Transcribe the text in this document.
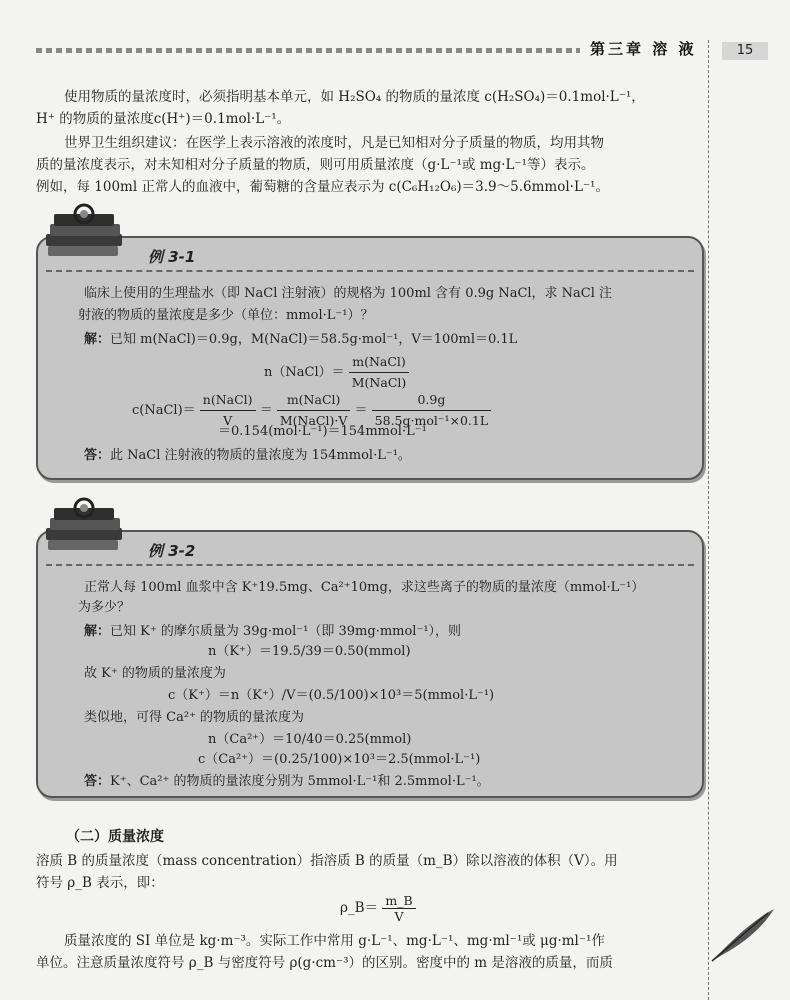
第三章 溶 液	15
使用物质的量浓度时，必须指明基本单元，如 H₂SO₄ 的物质的量浓度 c(H₂SO₄)＝0.1mol·L⁻¹，
H⁺ 的物质的量浓度c(H⁺)＝0.1mol·L⁻¹。
世界卫生组织建议：在医学上表示溶液的浓度时，凡是已知相对分子质量的物质，均用其物
质的量浓度表示，对未知相对分子质量的物质，则可用质量浓度（g·L⁻¹或 mg·L⁻¹等）表示。
例如，每 100ml 正常人的血液中，葡萄糖的含量应表示为 c(C₆H₁₂O₆)＝3.9～5.6mmol·L⁻¹。
例 3-1
临床上使用的生理盐水（即 NaCl 注射液）的规格为 100ml 含有 0.9g NaCl，求 NaCl 注
射液的物质的量浓度是多少（单位：mmol·L⁻¹）？
解：已知 m(NaCl)＝0.9g，M(NaCl)＝58.5g·mol⁻¹，V＝100ml＝0.1L
n（NaCl）＝ $\frac{\text{m(NaCl)}}{\text{M(NaCl)}}$
c(NaCl)＝ $\frac{\text{n(NaCl)}}{V} = \frac{\text{m(NaCl)}}{\text{M(NaCl)·V}} = \frac{0.9g}{\text{58.5g·mol⁻¹×0.1L}}$
＝0.154(mol·L⁻¹)＝154mmol·L⁻¹
答：此 NaCl 注射液的物质的量浓度为 154mmol·L⁻¹。
例 3-2
正常人每 100ml 血浆中含 K⁺19.5mg、Ca²⁺10mg，求这些离子的物质的量浓度（mmol·L⁻¹）
为多少？
解：已知 K⁺ 的摩尔质量为 39g·mol⁻¹（即 39mg·mmol⁻¹），则
n（K⁺）＝19.5/39＝0.50(mmol)
故 K⁺ 的物质的量浓度为
c（K⁺）＝n（K⁺）/V＝(0.5/100)×10³＝5(mmol·L⁻¹)
类似地，可得 Ca²⁺ 的物质的量浓度为
n（Ca²⁺）＝10/40＝0.25(mmol)
c（Ca²⁺）＝(0.25/100)×10³＝2.5(mmol·L⁻¹)
答：K⁺、Ca²⁺ 的物质的量浓度分别为 5mmol·L⁻¹和 2.5mmol·L⁻¹。
（二）质量浓度
溶质 B 的质量浓度（mass concentration）指溶质 B 的质量（m_B）除以溶液的体积（V）。用
符号 ρ_B 表示，即：
ρ_B＝ $\frac{m\_B}{V}$
质量浓度的 SI 单位是 kg·m⁻³。实际工作中常用 g·L⁻¹、mg·L⁻¹、mg·ml⁻¹或 μg·ml⁻¹作
单位。注意质量浓度符号 ρ_B 与密度符号 ρ(g·cm⁻³）的区别。密度中的 m 是溶液的质量，而质
